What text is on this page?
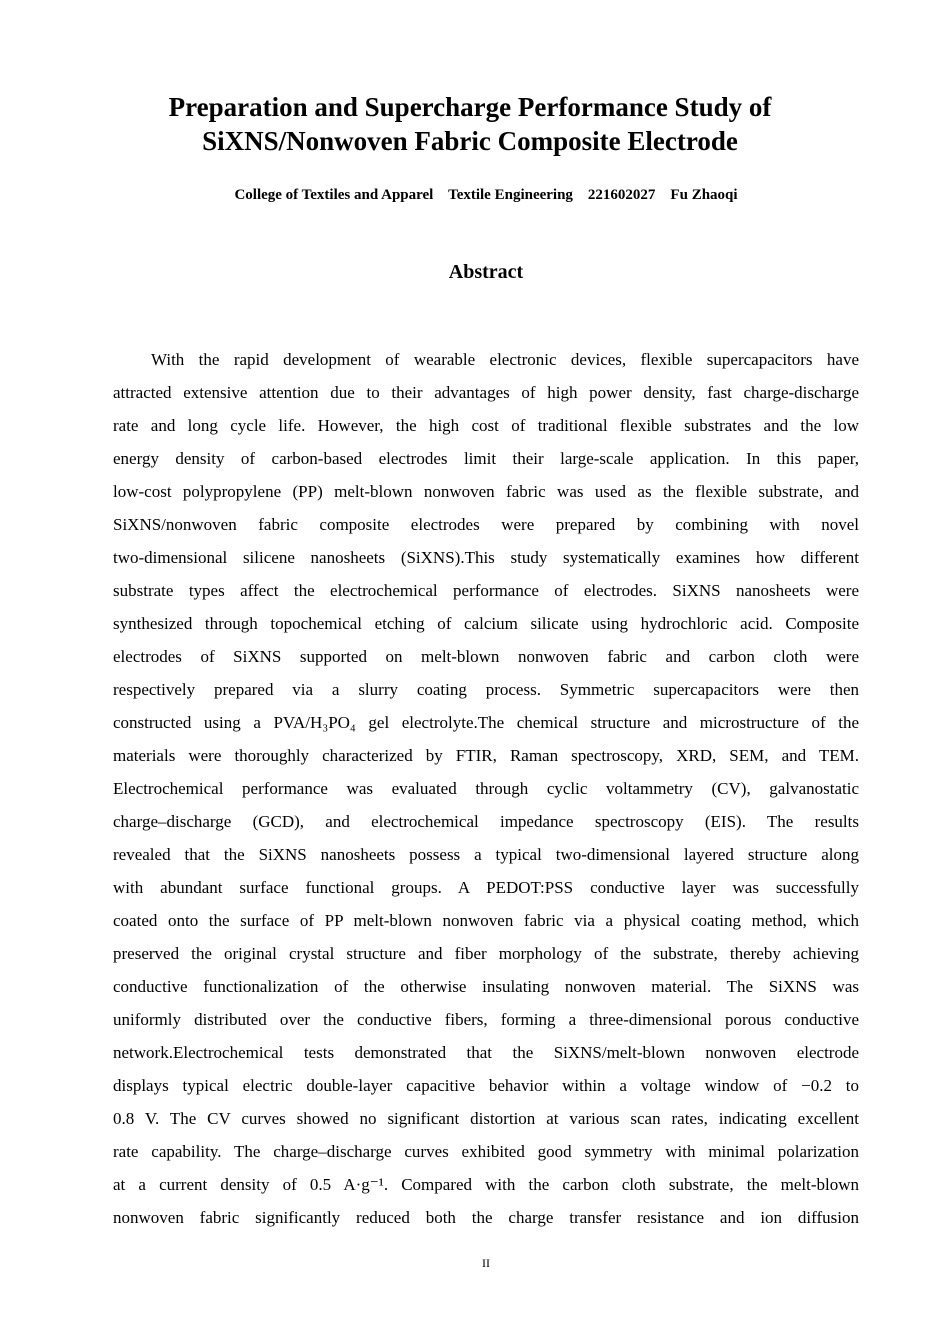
Preparation and Supercharge Performance Study of
SiXNS/Nonwoven Fabric Composite Electrode
College of Textiles and Apparel    Textile Engineering    221602027    Fu Zhaoqi
Abstract
With the rapid development of wearable electronic devices, flexible supercapacitors have
attracted extensive attention due to their advantages of high power density, fast charge-discharge
rate and long cycle life. However, the high cost of traditional flexible substrates and the low
energy density of carbon-based electrodes limit their large-scale application. In this paper,
low-cost polypropylene (PP) melt-blown nonwoven fabric was used as the flexible substrate, and
SiXNS/nonwoven fabric composite electrodes were prepared by combining with novel
two-dimensional silicene nanosheets (SiXNS).This study systematically examines how different
substrate types affect the electrochemical performance of electrodes. SiXNS nanosheets were
synthesized through topochemical etching of calcium silicate using hydrochloric acid. Composite
electrodes of SiXNS supported on melt-blown nonwoven fabric and carbon cloth were
respectively prepared via a slurry coating process. Symmetric supercapacitors were then
constructed using a PVA/H₃PO₄ gel electrolyte.The chemical structure and microstructure of the
materials were thoroughly characterized by FTIR, Raman spectroscopy, XRD, SEM, and TEM.
Electrochemical performance was evaluated through cyclic voltammetry (CV), galvanostatic
charge–discharge (GCD), and electrochemical impedance spectroscopy (EIS). The results
revealed that the SiXNS nanosheets possess a typical two-dimensional layered structure along
with abundant surface functional groups. A PEDOT:PSS conductive layer was successfully
coated onto the surface of PP melt-blown nonwoven fabric via a physical coating method, which
preserved the original crystal structure and fiber morphology of the substrate, thereby achieving
conductive functionalization of the otherwise insulating nonwoven material. The SiXNS was
uniformly distributed over the conductive fibers, forming a three-dimensional porous conductive
network.Electrochemical tests demonstrated that the SiXNS/melt-blown nonwoven electrode
displays typical electric double-layer capacitive behavior within a voltage window of −0.2 to
0.8 V. The CV curves showed no significant distortion at various scan rates, indicating excellent
rate capability. The charge–discharge curves exhibited good symmetry with minimal polarization
at a current density of 0.5 A·g⁻¹. Compared with the carbon cloth substrate, the melt-blown
nonwoven fabric significantly reduced both the charge transfer resistance and ion diffusion
II
